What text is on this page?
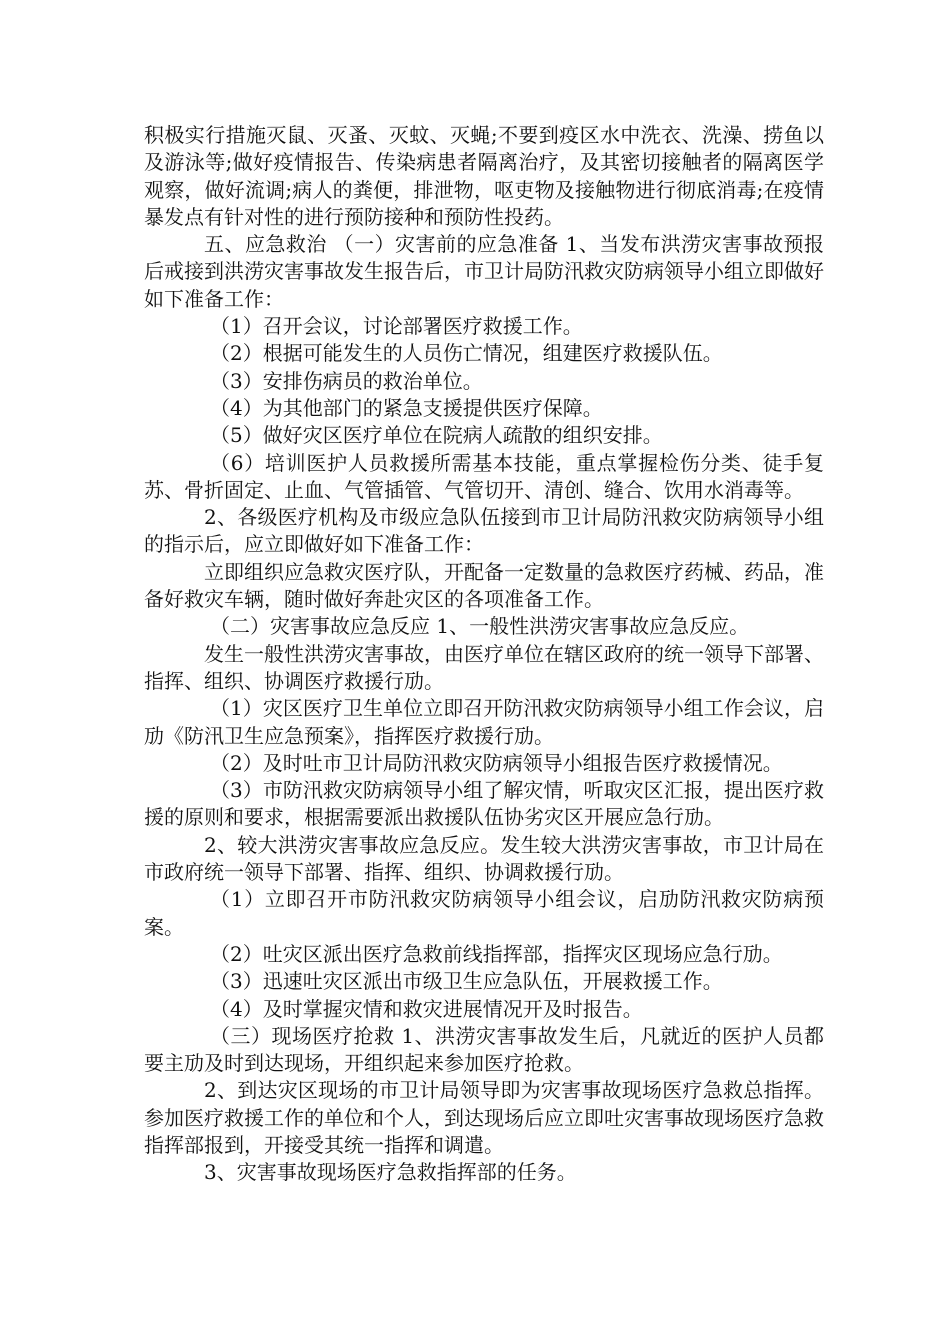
积极实行措施灭鼠、灭蚤、灭蚊、灭蝇;不要到疫区水中洗衣、洗澡、捞鱼以及游泳等;做好疫情报告、传染病患者隔离治疗，及其密切接触者的隔离医学观察，做好流调;病人的粪便，排泄物，呕吏物及接触物进行彻底消毒;在疫情暴发点有针对性的进行预防接种和预防性投药。

五、应急救治 （一）灾害前的应急准备 1、当发布洪涝灾害事故预报后戒接到洪涝灾害事故发生报告后，市卫计局防汛救灾防病领导小组立即做好如下准备工作：

（1）召开会议，讨论部署医疗救援工作。

（2）根据可能发生的人员伤亡情况，组建医疗救援队伍。

（3）安排伤病员的救治单位。

（4）为其他部门的紧急支援提供医疗保障。

（5）做好灾区医疗单位在院病人疏散的组织安排。

（6）培训医护人员救援所需基本技能，重点掌握检伤分类、徒手复苏、骨折固定、止血、气管插管、气管切开、清创、缝合、饮用水消毒等。

2、各级医疗机构及市级应急队伍接到市卫计局防汛救灾防病领导小组的指示后，应立即做好如下准备工作：

立即组织应急救灾医疗队，开配备一定数量的急救医疗药械、药品，准备好救灾车辆，随时做好奔赴灾区的各项准备工作。

（二）灾害事故应急反应 1、一般性洪涝灾害事故应急反应。

发生一般性洪涝灾害事故，由医疗单位在辖区政府的统一领导下部署、指挥、组织、协调医疗救援行劢。

（1）灾区医疗卫生单位立即召开防汛救灾防病领导小组工作会议，启劢《防汛卫生应急预案》，指挥医疗救援行劢。

（2）及时吐市卫计局防汛救灾防病领导小组报告医疗救援情况。

（3）市防汛救灾防病领导小组了解灾情，听取灾区汇报，提出医疗救援的原则和要求，根据需要派出救援队伍协劣灾区开展应急行劢。

2、较大洪涝灾害事故应急反应。发生较大洪涝灾害事故，市卫计局在市政府统一领导下部署、指挥、组织、协调救援行劢。

（1）立即召开市防汛救灾防病领导小组会议，启劢防汛救灾防病预案。

（2）吐灾区派出医疗急救前线指挥部，指挥灾区现场应急行劢。

（3）迅速吐灾区派出市级卫生应急队伍，开展救援工作。

（4）及时掌握灾情和救灾进展情况开及时报告。

（三）现场医疗抢救 1、洪涝灾害事故发生后，凡就近的医护人员都要主劢及时到达现场，开组织起来参加医疗抢救。

2、到达灾区现场的市卫计局领导即为灾害事故现场医疗急救总指挥。参加医疗救援工作的单位和个人，到达现场后应立即吐灾害事故现场医疗急救指挥部报到，开接受其统一指挥和调遣。

3、灾害事故现场医疗急救指挥部的任务。
